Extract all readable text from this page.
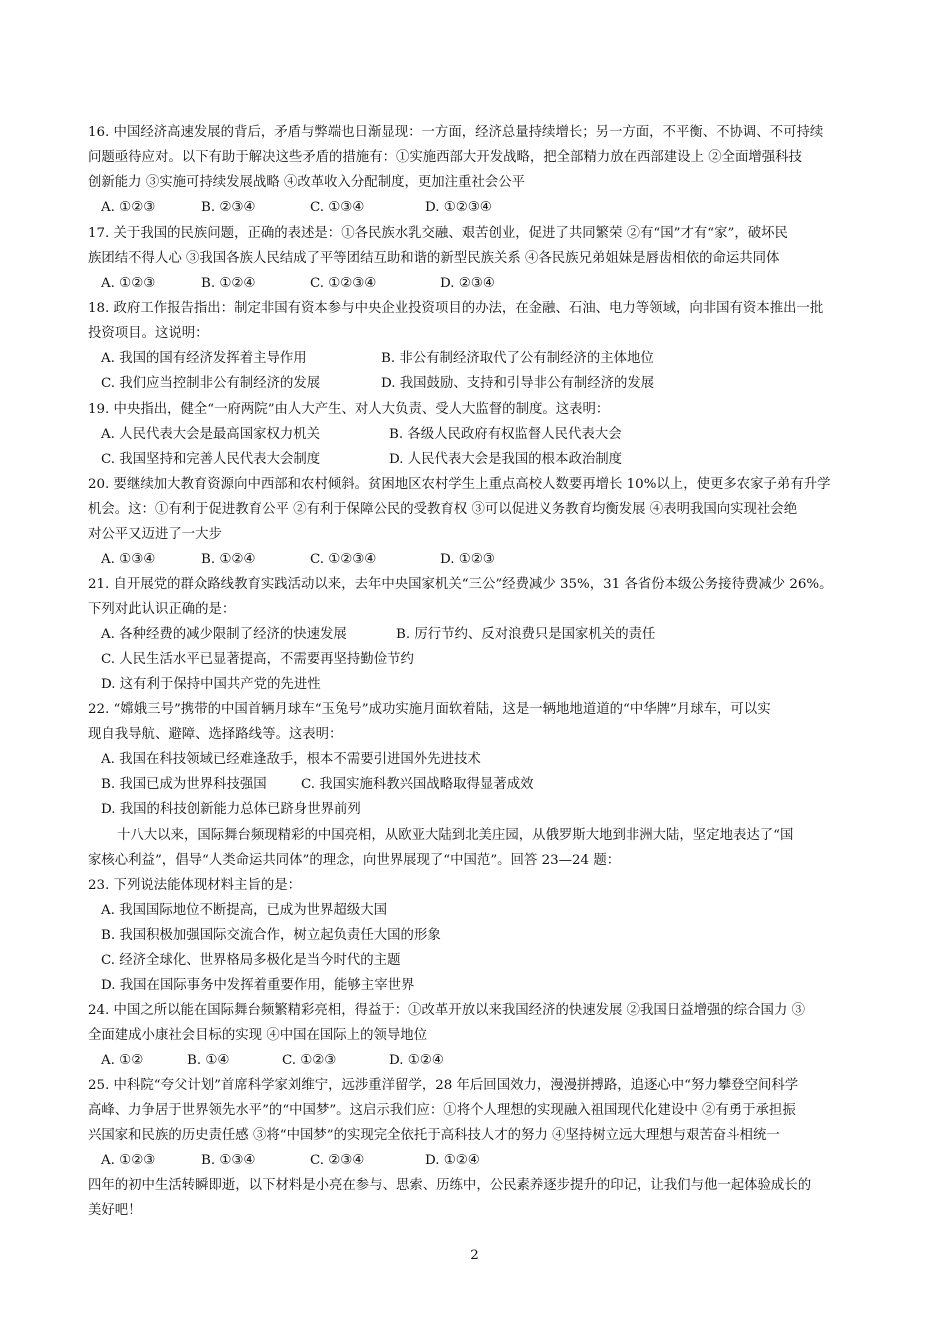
16. 中国经济高速发展的背后，矛盾与弊端也日渐显现：一方面，经济总量持续增长；另一方面，不平衡、不协调、不可持续
问题亟待应对。以下有助于解决这些矛盾的措施有：①实施西部大开发战略，把全部精力放在西部建设上 ②全面增强科技
创新能力 ③实施可持续发展战略 ④改革收入分配制度，更加注重社会公平
A. ①②③	B. ②③④	C. ①③④	D. ①②③④
17. 关于我国的民族问题，正确的表述是：①各民族水乳交融、艰苦创业，促进了共同繁荣 ②有“国”才有“家”，破坏民
族团结不得人心 ③我国各族人民结成了平等团结互助和谐的新型民族关系 ④各民族兄弟姐妹是唇齿相依的命运共同体
A. ①②③	B. ①②④	C. ①②③④	D. ②③④
18. 政府工作报告指出：制定非国有资本参与中央企业投资项目的办法，在金融、石油、电力等领域，向非国有资本推出一批
投资项目。这说明：
A. 我国的国有经济发挥着主导作用	B. 非公有制经济取代了公有制经济的主体地位
C. 我们应当控制非公有制经济的发展	D. 我国鼓励、支持和引导非公有制经济的发展
19. 中央指出，健全“一府两院”由人大产生、对人大负责、受人大监督的制度。这表明：
A. 人民代表大会是最高国家权力机关	B. 各级人民政府有权监督人民代表大会
C. 我国坚持和完善人民代表大会制度	D. 人民代表大会是我国的根本政治制度
20. 要继续加大教育资源向中西部和农村倾斜。贫困地区农村学生上重点高校人数要再增长 10%以上，使更多农家子弟有升学
机会。这：①有利于促进教育公平 ②有利于保障公民的受教育权 ③可以促进义务教育均衡发展 ④表明我国向实现社会绝
对公平又迈进了一大步
A. ①③④	B. ①②④	C. ①②③④	D. ①②③
21. 自开展党的群众路线教育实践活动以来，去年中央国家机关“三公”经费减少 35%，31 各省份本级公务接待费减少 26%。
下列对此认识正确的是：
A. 各种经费的减少限制了经济的快速发展	B. 厉行节约、反对浪费只是国家机关的责任
C. 人民生活水平已显著提高，不需要再坚持勤俭节约
D. 这有利于保持中国共产党的先进性
22. “嫦娥三号”携带的中国首辆月球车“玉兔号”成功实施月面软着陆，这是一辆地地道道的“中华牌”月球车，可以实
现自我导航、避障、选择路线等。这表明：
A. 我国在科技领域已经难逢敌手，根本不需要引进国外先进技术
B. 我国已成为世界科技强国	C. 我国实施科教兴国战略取得显著成效
D. 我国的科技创新能力总体已跻身世界前列
十八大以来，国际舞台频现精彩的中国亮相，从欧亚大陆到北美庄园，从俄罗斯大地到非洲大陆，坚定地表达了“国
家核心利益”，倡导“人类命运共同体”的理念，向世界展现了“中国范”。回答 23—24 题：
23. 下列说法能体现材料主旨的是：
A. 我国国际地位不断提高，已成为世界超级大国
B. 我国积极加强国际交流合作，树立起负责任大国的形象
C. 经济全球化、世界格局多极化是当今时代的主题
D. 我国在国际事务中发挥着重要作用，能够主宰世界
24. 中国之所以能在国际舞台频繁精彩亮相，得益于：①改革开放以来我国经济的快速发展 ②我国日益增强的综合国力 ③
全面建成小康社会目标的实现 ④中国在国际上的领导地位
A. ①②	B. ①④	C. ①②③	D. ①②④
25. 中科院“夸父计划”首席科学家刘维宁，远涉重洋留学，28 年后回国效力，漫漫拼搏路，追逐心中“努力攀登空间科学
高峰、力争居于世界领先水平”的“中国梦”。这启示我们应：①将个人理想的实现融入祖国现代化建设中 ②有勇于承担振
兴国家和民族的历史责任感 ③将“中国梦”的实现完全依托于高科技人才的努力 ④坚持树立远大理想与艰苦奋斗相统一
A. ①②③	B. ①③④	C. ②③④	D. ①②④
四年的初中生活转瞬即逝，以下材料是小亮在参与、思索、历练中，公民素养逐步提升的印记，让我们与他一起体验成长的
美好吧！
2
